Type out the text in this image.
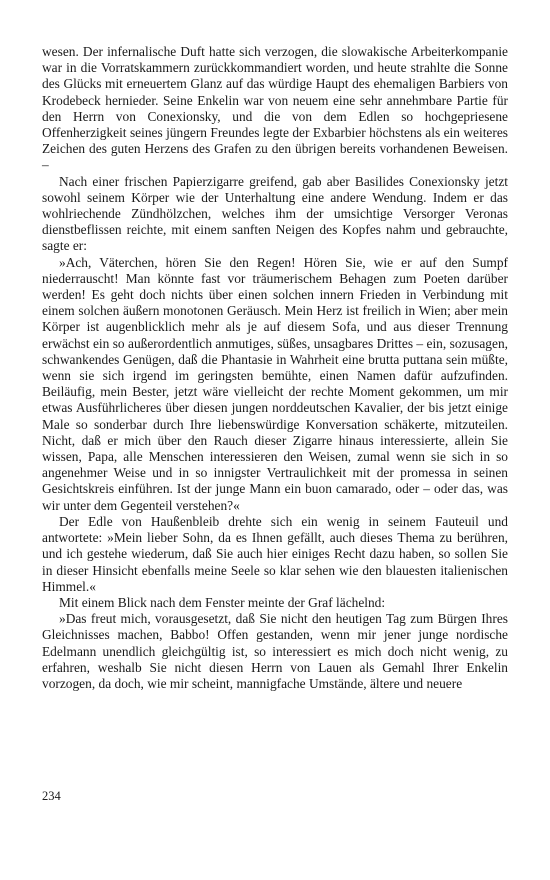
wesen. Der infernalische Duft hatte sich verzogen, die slowakische Arbeiterkompanie war in die Vorratskammern zurückkommandiert worden, und heute strahlte die Sonne des Glücks mit erneuertem Glanz auf das würdige Haupt des ehemaligen Barbiers von Krodebeck hernieder. Seine Enkelin war von neuem eine sehr annehmbare Partie für den Herrn von Conexionsky, und die von dem Edlen so hochgepriesene Offenherzigkeit seines jüngern Freundes legte der Exbarbier höchstens als ein weiteres Zeichen des guten Herzens des Grafen zu den übrigen bereits vorhandenen Beweisen. –

Nach einer frischen Papierzigarre greifend, gab aber Basilides Conexionsky jetzt sowohl seinem Körper wie der Unterhaltung eine andere Wendung. Indem er das wohlriechende Zündhölzchen, welches ihm der umsichtige Versorger Veronas dienstbeflissen reichte, mit einem sanften Neigen des Kopfes nahm und gebrauchte, sagte er:

»Ach, Väterchen, hören Sie den Regen! Hören Sie, wie er auf den Sumpf niederrauscht! Man könnte fast vor träumerischem Behagen zum Poeten darüber werden! Es geht doch nichts über einen solchen innern Frieden in Verbindung mit einem solchen äußern monotonen Geräusch. Mein Herz ist freilich in Wien; aber mein Körper ist augenblicklich mehr als je auf diesem Sofa, und aus dieser Trennung erwächst ein so außerordentlich anmutiges, süßes, unsagbares Drittes – ein, sozusagen, schwankendes Genügen, daß die Phantasie in Wahrheit eine brutta puttana sein müßte, wenn sie sich irgend im geringsten bemühte, einen Namen dafür aufzufinden. Beiläufig, mein Bester, jetzt wäre vielleicht der rechte Moment gekommen, um mir etwas Ausführlicheres über diesen jungen norddeutschen Kavalier, der bis jetzt einige Male so sonderbar durch Ihre liebenswürdige Konversation schäkerte, mitzuteilen. Nicht, daß er mich über den Rauch dieser Zigarre hinaus interessierte, allein Sie wissen, Papa, alle Menschen interessieren den Weisen, zumal wenn sie sich in so angenehmer Weise und in so innigster Vertraulichkeit mit der promessa in seinen Gesichtskreis einführen. Ist der junge Mann ein buon camarado, oder – oder das, was wir unter dem Gegenteil verstehen?«

Der Edle von Haußenbleib drehte sich ein wenig in seinem Fauteuil und antwortete: »Mein lieber Sohn, da es Ihnen gefällt, auch dieses Thema zu berühren, und ich gestehe wiederum, daß Sie auch hier einiges Recht dazu haben, so sollen Sie in dieser Hinsicht ebenfalls meine Seele so klar sehen wie den blauesten italienischen Himmel.«

Mit einem Blick nach dem Fenster meinte der Graf lächelnd:

»Das freut mich, vorausgesetzt, daß Sie nicht den heutigen Tag zum Bürgen Ihres Gleichnisses machen, Babbo! Offen gestanden, wenn mir jener junge nordische Edelmann unendlich gleichgültig ist, so interessiert es mich doch nicht wenig, zu erfahren, weshalb Sie nicht diesen Herrn von Lauen als Gemahl Ihrer Enkelin vorzogen, da doch, wie mir scheint, mannigfache Umstände, ältere und neuere

234
